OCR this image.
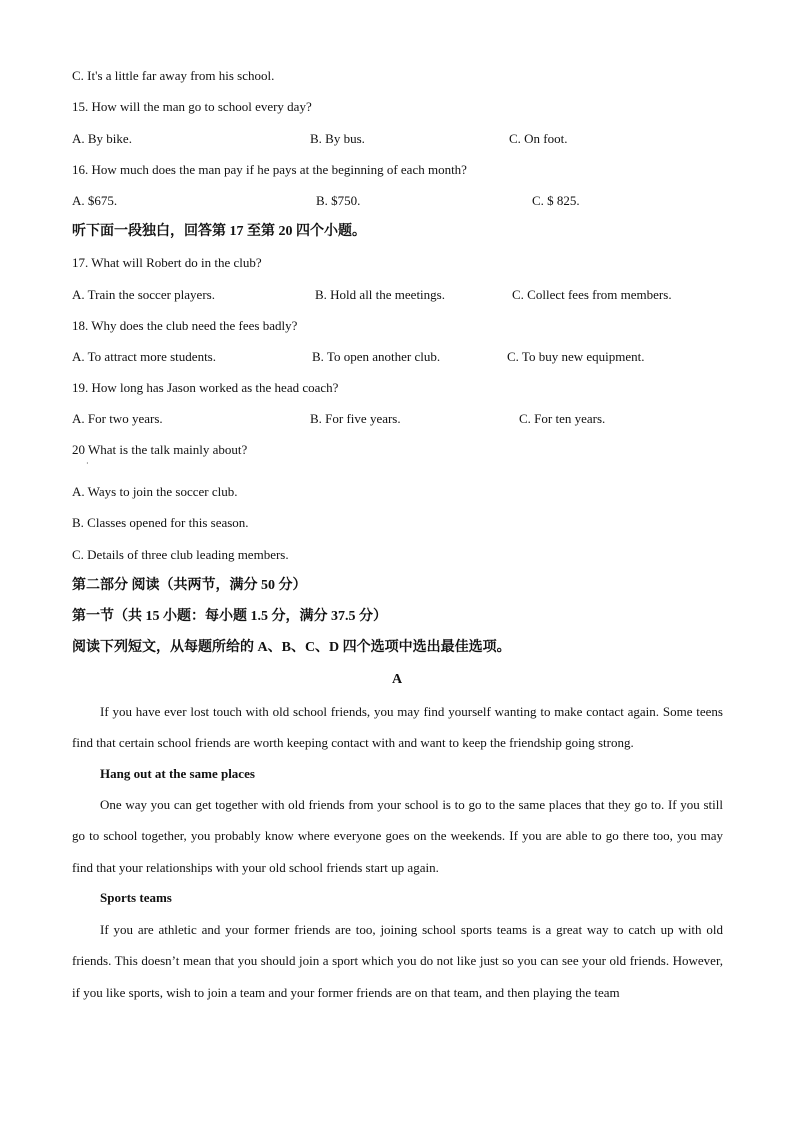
C. It's a little far away from his school.
15. How will the man go to school every day?
A. By bike.	B. By bus.	C. On foot.
16. How much does the man pay if he pays at the beginning of each month?
A. $675.	B. $750.	C. $ 825.
听下面一段独白，回答第 17 至第 20 四个小题。
17. What will Robert do in the club?
A. Train the soccer players.	B. Hold all the meetings.	C. Collect fees from members.
18. Why does the club need the fees badly?
A. To attract more students.	B. To open another club.	C. To buy new equipment.
19. How long has Jason worked as the head coach?
A. For two years.	B. For five years.	C. For ten years.
20 What is the talk mainly about?
·
A. Ways to join the soccer club.
B. Classes opened for this season.
C. Details of three club leading members.
第二部分 阅读（共两节，满分 50 分）
第一节（共 15 小题：每小题 1.5 分，满分 37.5 分）
阅读下列短文，从每题所给的 A、B、C、D 四个选项中选出最佳选项。
A
If you have ever lost touch with old school friends, you may find yourself wanting to make contact again. Some teens find that certain school friends are worth keeping contact with and want to keep the friendship going strong.
Hang out at the same places
One way you can get together with old friends from your school is to go to the same places that they go to. If you still go to school together, you probably know where everyone goes on the weekends. If you are able to go there too, you may find that your relationships with your old school friends start up again.
Sports teams
If you are athletic and your former friends are too, joining school sports teams is a great way to catch up with old friends. This doesn’t mean that you should join a sport which you do not like just so you can see your old friends. However, if you like sports, wish to join a team and your former friends are on that team, and then playing the team
